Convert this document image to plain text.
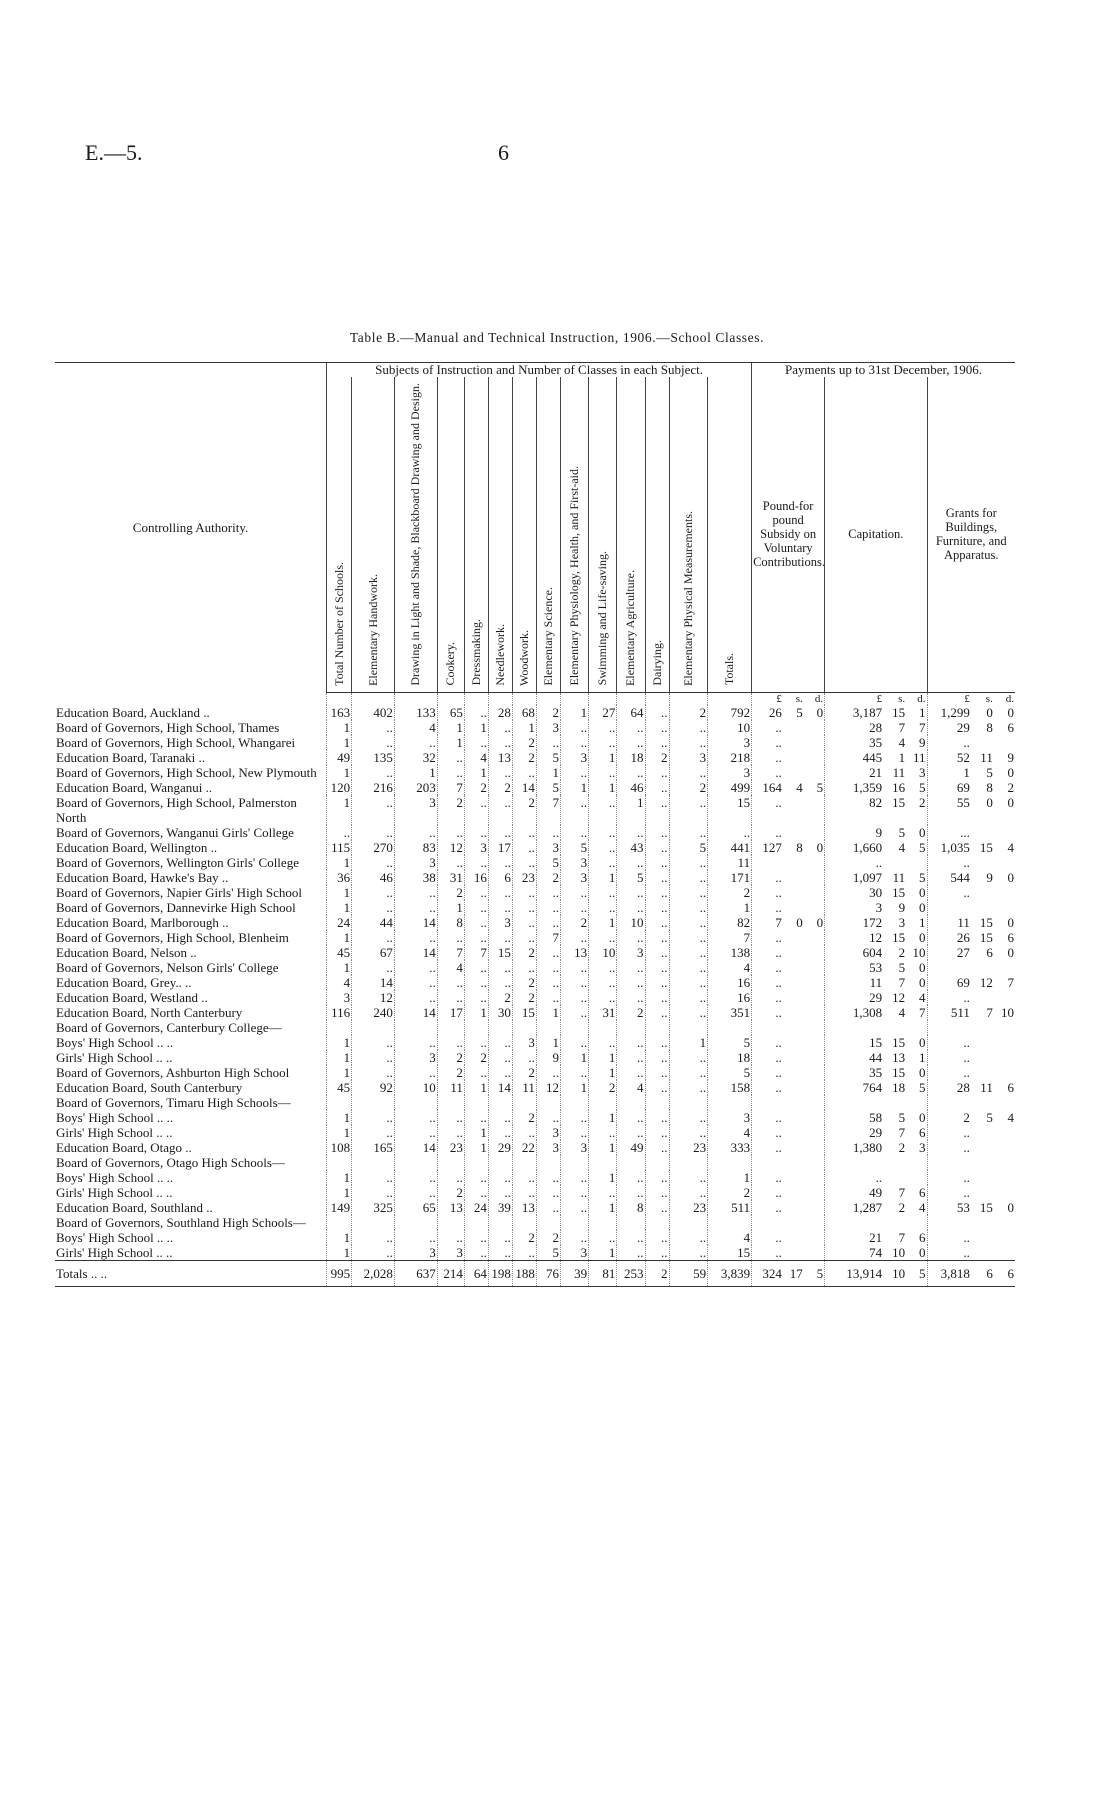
E.—5.	6
Table B.—Manual and Technical Instruction, 1906.—School Classes.
Controlling Authority.	Subjects of Instruction and Number of Classes in each Subject.														Payments up to 31st December, 1906.								

	Total Number of Schools.	Elementary Handwork.	Drawing in Light and Shade, Blackboard Drawing and Design.	Cookery.	Dressmaking.	Needlework.	Woodwork.	Elementary Science.	Elementary Physiology, Health, and First-aid.	Swimming and Life-saving.	Elementary Agriculture.	Dairying.	Elementary Physical Measurements.	Totals.	Pound-for pound Subsidy on Voluntary Contributions.			Capitation.			Grants for Buildings, Furniture, and Apparatus.		
															£	s.	d.	£	s.	d.	£	s.	d.
Education Board, Auckland ..	163	402	133	65	..	28	68	2	1	27	64	..	2	792	26	5	0	3,187	15	1	1,299	0	0
Board of Governors, High School, Thames	1	..	4	1	1	..	1	3	..	..	..	..	..	10	..			28	7	7	29	8	6
Board of Governors, High School, Whangarei	1	..	..	1	..	..	2	..	..	..	..	..	..	3	..			35	4	9	..		
Education Board, Taranaki ..	49	135	32	..	4	13	2	5	3	1	18	2	3	218	..			445	1	11	52	11	9
Board of Governors, High School, New Plymouth	1	..	1	..	1	..	..	1	..	..	..	..	..	3	..			21	11	3	1	5	0
Education Board, Wanganui ..	120	216	203	7	2	2	14	5	1	1	46	..	2	499	164	4	5	1,359	16	5	69	8	2
Board of Governors, High School, Palmerston North	1	..	3	2	..	..	2	7	..	..	1	..	..	15	..			82	15	2	55	0	0
Board of Governors, Wanganui Girls' College	..	..	..	..	..	..	..	..	..	..	..	..	..	..	..			9	5	0	...		
Education Board, Wellington ..	115	270	83	12	3	17	..	3	5	..	43	..	5	441	127	8	0	1,660	4	5	1,035	15	4
Board of Governors, Wellington Girls' College	1	..	3	..	..	..	..	5	3	..	..	..	..	11				..			..		
Education Board, Hawke's Bay ..	36	46	38	31	16	6	23	2	3	1	5	..	..	171	..			1,097	11	5	544	9	0
Board of Governors, Napier Girls' High School	1	..	..	2	..	..	..	..	..	..	..	..	..	2	..			30	15	0	..		
Board of Governors, Dannevirke High School	1	..	..	1	..	..	..	..	..	..	..	..	..	1	..			3	9	0			
Education Board, Marlborough ..	24	44	14	8	..	3	..	..	2	1	10	..	..	82	7	0	0	172	3	1	11	15	0
Board of Governors, High School, Blenheim	1	..	..	..	..	..	..	7	..	..	..	..	..	7	..			12	15	0	26	15	6
Education Board, Nelson ..	45	67	14	7	7	15	2	..	13	10	3	..	..	138	..			604	2	10	27	6	0
Board of Governors, Nelson Girls' College	1	..	..	4	..	..	..	..	..	..	..	..	..	4	..			53	5	0			
Education Board, Grey.. ..	4	14	..	..	..	..	2	..	..	..	..	..	..	16	..			11	7	0	69	12	7
Education Board, Westland ..	3	12	..	..	..	2	2	..	..	..	..	..	..	16	..			29	12	4	..		
Education Board, North Canterbury	116	240	14	17	1	30	15	1	..	31	2	..	..	351	..			1,308	4	7	511	7	10
Board of Governors, Canterbury College—																							
Boys' High School .. ..	1	..	..	..	..	..	3	1	..	..	..	..	1	5	..			15	15	0	..		
Girls' High School .. ..	1	..	3	2	2	..	..	9	1	1	..	..	..	18	..			44	13	1	..		
Board of Governors, Ashburton High School	1	..	..	2	..	..	2	..	..	1	..	..	..	5	..			35	15	0	..		
Education Board, South Canterbury	45	92	10	11	1	14	11	12	1	2	4	..	..	158	..			764	18	5	28	11	6
Board of Governors, Timaru High Schools—																							
Boys' High School .. ..	1	..	..	..	..	..	2	..	..	1	..	..	..	3	..			58	5	0	2	5	4
Girls' High School .. ..	1	..	..	..	1	..	..	3	..	..	..	..	..	4	..			29	7	6	..		
Education Board, Otago ..	108	165	14	23	1	29	22	3	3	1	49	..	23	333	..			1,380	2	3	..		
Board of Governors, Otago High Schools—																							
Boys' High School .. ..	1	..	..	..	..	..	..	..	..	1	..	..	..	1	..			..			..		
Girls' High School .. ..	1	..	..	2	..	..	..	..	..	..	..	..	..	2	..			49	7	6	..		
Education Board, Southland ..	149	325	65	13	24	39	13	..	..	1	8	..	23	511	..			1,287	2	4	53	15	0
Board of Governors, Southland High Schools—																							
Boys' High School .. ..	1	..	..	..	..	..	2	2	..	..	..	..	..	4	..			21	7	6	..		
Girls' High School .. ..	1	..	3	3	..	..	..	5	3	1	..	..	..	15	..			74	10	0	..		
Totals .. ..	995	2,028	637	214	64	198	188	76	39	81	253	2	59	3,839	324	17	5	13,914	10	5	3,818	6	6
